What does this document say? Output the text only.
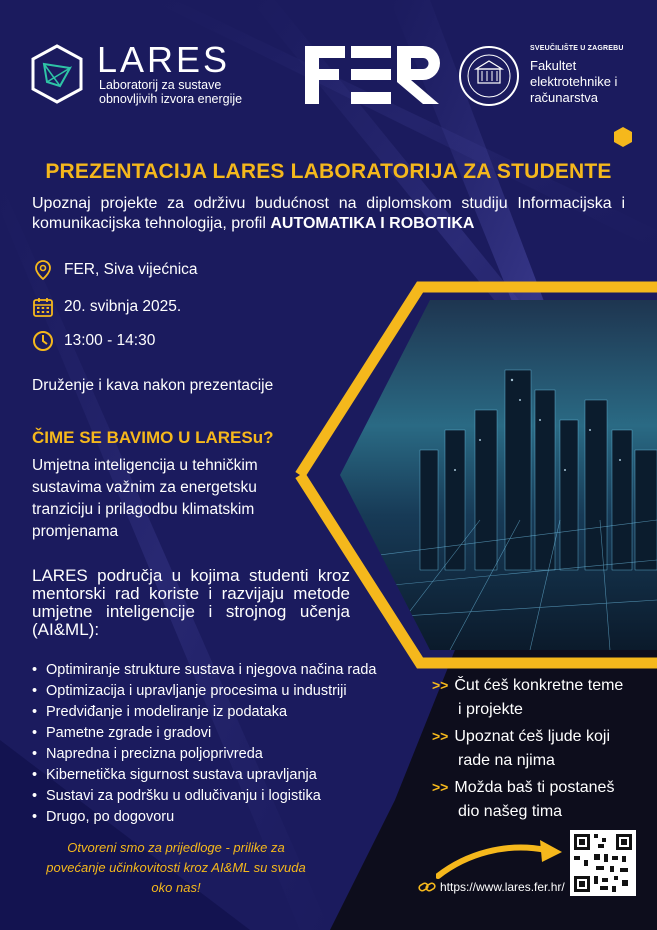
LARES
Laboratorij za sustave obnovljivih izvora energije
SVEUČILIŠTE U ZAGREBU
Fakultet elektrotehnike i računarstva
PREZENTACIJA LARES LABORATORIJA ZA STUDENTE
Upoznaj projekte za održivu budućnost na diplomskom studiju Informacijska i komunikacijska tehnologija, profil AUTOMATIKA I ROBOTIKA
FER, Siva vijećnica
20. svibnja 2025.
13:00 - 14:30
Druženje i kava nakon prezentacije
ČIME SE BAVIMO U LARESu?
Umjetna inteligencija u tehničkim sustavima važnim za energetsku tranziciju i prilagodbu klimatskim promjenama
LARES područja u kojima studenti kroz mentorski rad koriste i razvijaju metode umjetne inteligencije i strojnog učenja (AI&ML):
• Optimiranje strukture sustava i njegova načina rada
• Optimizacija i upravljanje procesima u industriji
• Predviđanje i modeliranje iz podataka
• Pametne zgrade i gradovi
• Napredna i precizna poljoprivreda
• Kibernetička sigurnost sustava upravljanja
• Sustavi za podršku u odlučivanju i logistika
• Drugo, po dogovoru
Otvoreni smo za prijedloge - prilike za povećanje učinkovitosti kroz AI&ML su svuda oko nas!
>> Čut ćeš konkretne teme
i projekte
>> Upoznat ćeš ljude koji
rade na njima
>> Možda baš ti postaneš
dio našeg tima
https://www.lares.fer.hr/
